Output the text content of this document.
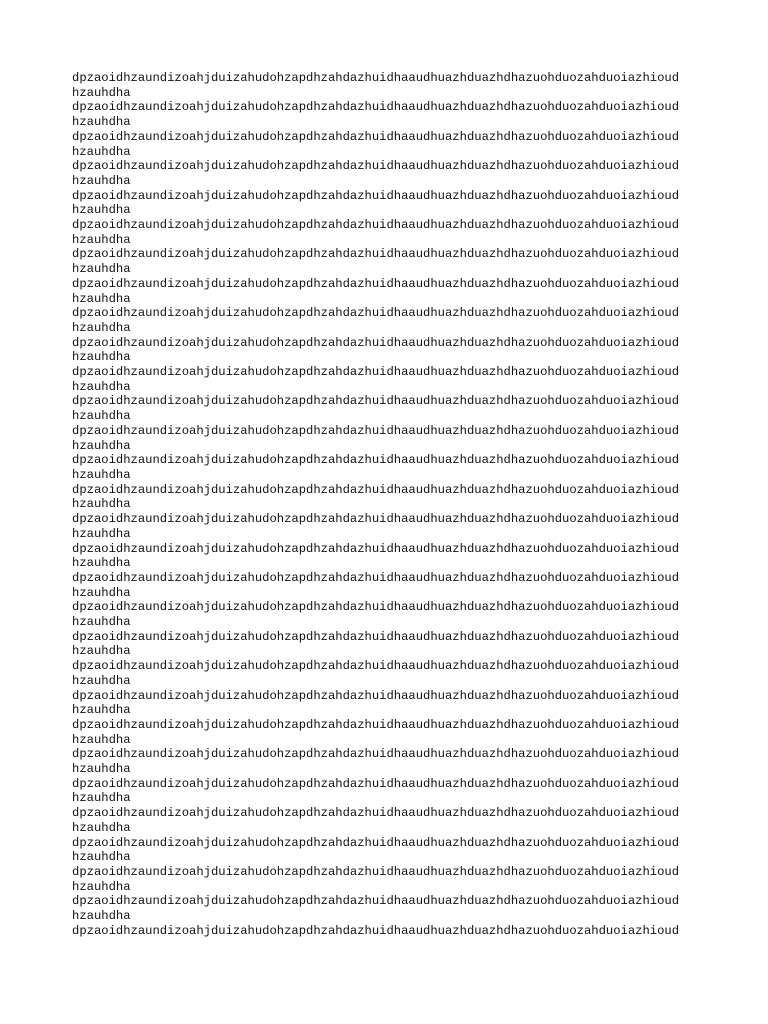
dpzaoidhzaundizoahjduizahudohzapdhzahdazhuidhaaudhuazhduazhdhazuohduozahduoiazhioud
hzauhdha

dpzaoidhzaundizoahjduizahudohzapdhzahdazhuidhaaudhuazhduazhdhazuohduozahduoiazhioud
hzauhdha

dpzaoidhzaundizoahjduizahudohzapdhzahdazhuidhaaudhuazhduazhdhazuohduozahduoiazhioud
hzauhdha

dpzaoidhzaundizoahjduizahudohzapdhzahdazhuidhaaudhuazhduazhdhazuohduozahduoiazhioud
hzauhdha

dpzaoidhzaundizoahjduizahudohzapdhzahdazhuidhaaudhuazhduazhdhazuohduozahduoiazhioud
hzauhdha

dpzaoidhzaundizoahjduizahudohzapdhzahdazhuidhaaudhuazhduazhdhazuohduozahduoiazhioud
hzauhdha

dpzaoidhzaundizoahjduizahudohzapdhzahdazhuidhaaudhuazhduazhdhazuohduozahduoiazhioud
hzauhdha

dpzaoidhzaundizoahjduizahudohzapdhzahdazhuidhaaudhuazhduazhdhazuohduozahduoiazhioud
hzauhdha

dpzaoidhzaundizoahjduizahudohzapdhzahdazhuidhaaudhuazhduazhdhazuohduozahduoiazhioud
hzauhdha

dpzaoidhzaundizoahjduizahudohzapdhzahdazhuidhaaudhuazhduazhdhazuohduozahduoiazhioud
hzauhdha

dpzaoidhzaundizoahjduizahudohzapdhzahdazhuidhaaudhuazhduazhdhazuohduozahduoiazhioud
hzauhdha

dpzaoidhzaundizoahjduizahudohzapdhzahdazhuidhaaudhuazhduazhdhazuohduozahduoiazhioud
hzauhdha

dpzaoidhzaundizoahjduizahudohzapdhzahdazhuidhaaudhuazhduazhdhazuohduozahduoiazhioud
hzauhdha

dpzaoidhzaundizoahjduizahudohzapdhzahdazhuidhaaudhuazhduazhdhazuohduozahduoiazhioud
hzauhdha

dpzaoidhzaundizoahjduizahudohzapdhzahdazhuidhaaudhuazhduazhdhazuohduozahduoiazhioud
hzauhdha

dpzaoidhzaundizoahjduizahudohzapdhzahdazhuidhaaudhuazhduazhdhazuohduozahduoiazhioud
hzauhdha

dpzaoidhzaundizoahjduizahudohzapdhzahdazhuidhaaudhuazhduazhdhazuohduozahduoiazhioud
hzauhdha

dpzaoidhzaundizoahjduizahudohzapdhzahdazhuidhaaudhuazhduazhdhazuohduozahduoiazhioud
hzauhdha

dpzaoidhzaundizoahjduizahudohzapdhzahdazhuidhaaudhuazhduazhdhazuohduozahduoiazhioud
hzauhdha

dpzaoidhzaundizoahjduizahudohzapdhzahdazhuidhaaudhuazhduazhdhazuohduozahduoiazhioud
hzauhdha

dpzaoidhzaundizoahjduizahudohzapdhzahdazhuidhaaudhuazhduazhdhazuohduozahduoiazhioud
hzauhdha

dpzaoidhzaundizoahjduizahudohzapdhzahdazhuidhaaudhuazhduazhdhazuohduozahduoiazhioud
hzauhdha

dpzaoidhzaundizoahjduizahudohzapdhzahdazhuidhaaudhuazhduazhdhazuohduozahduoiazhioud
hzauhdha

dpzaoidhzaundizoahjduizahudohzapdhzahdazhuidhaaudhuazhduazhdhazuohduozahduoiazhioud
hzauhdha

dpzaoidhzaundizoahjduizahudohzapdhzahdazhuidhaaudhuazhduazhdhazuohduozahduoiazhioud
hzauhdha

dpzaoidhzaundizoahjduizahudohzapdhzahdazhuidhaaudhuazhduazhdhazuohduozahduoiazhioud
hzauhdha

dpzaoidhzaundizoahjduizahudohzapdhzahdazhuidhaaudhuazhduazhdhazuohduozahduoiazhioud
hzauhdha

dpzaoidhzaundizoahjduizahudohzapdhzahdazhuidhaaudhuazhduazhdhazuohduozahduoiazhioud
hzauhdha

dpzaoidhzaundizoahjduizahudohzapdhzahdazhuidhaaudhuazhduazhdhazuohduozahduoiazhioud
hzauhdha

dpzaoidhzaundizoahjduizahudohzapdhzahdazhuidhaaudhuazhduazhdhazuohduozahduoiazhioud
